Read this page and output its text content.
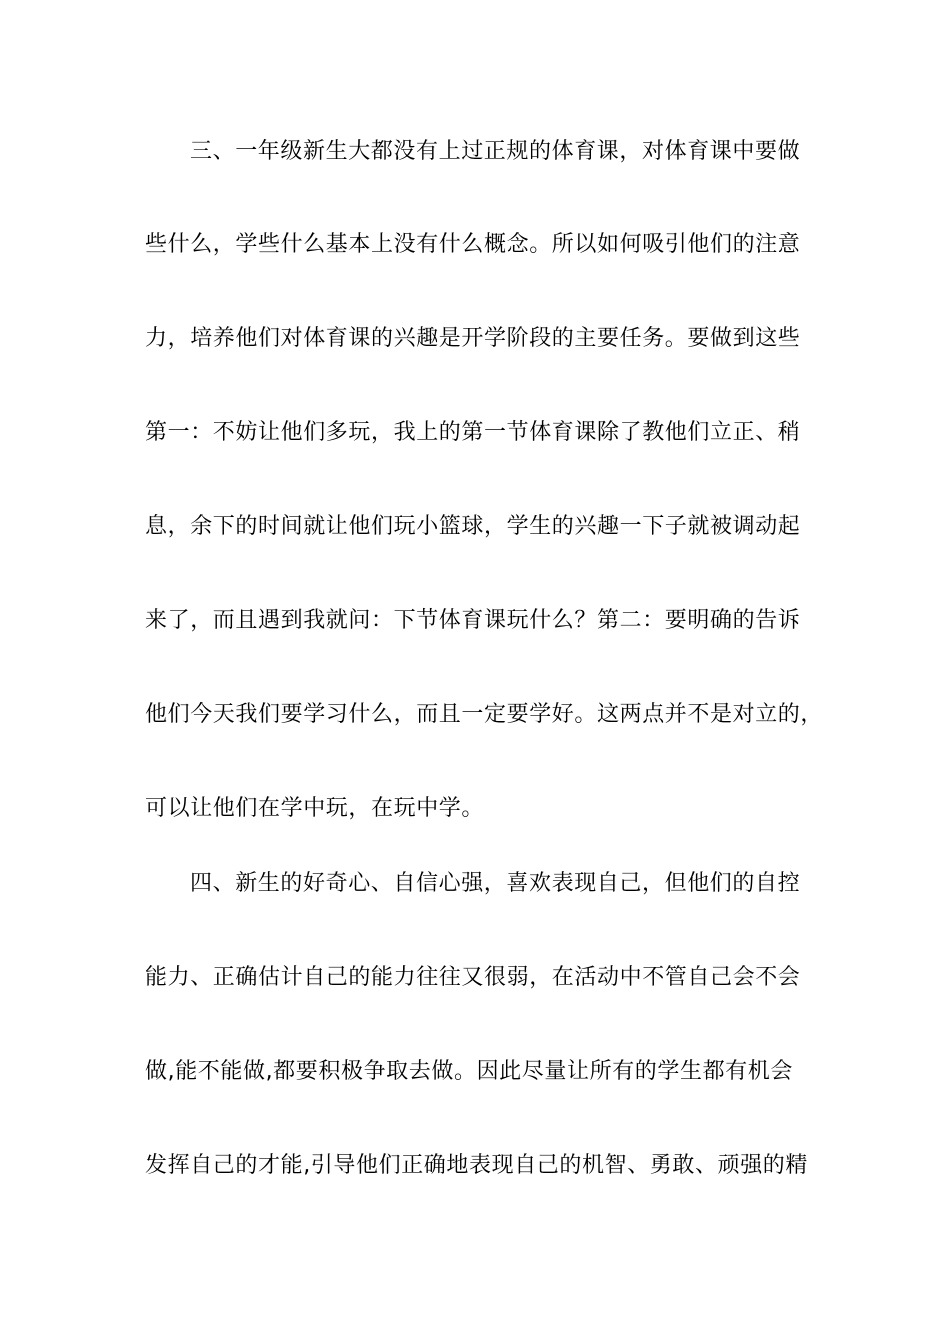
三、一年级新生大都没有上过正规的体育课，对体育课中要做
些什么，学些什么基本上没有什么概念。所以如何吸引他们的注意
力，培养他们对体育课的兴趣是开学阶段的主要任务。要做到这些
第一：不妨让他们多玩，我上的第一节体育课除了教他们立正、稍
息，余下的时间就让他们玩小篮球，学生的兴趣一下子就被调动起
来了，而且遇到我就问：下节体育课玩什么？第二：要明确的告诉
他们今天我们要学习什么，而且一定要学好。这两点并不是对立的，
可以让他们在学中玩，在玩中学。
四、新生的好奇心、自信心强，喜欢表现自己，但他们的自控
能力、正确估计自己的能力往往又很弱，在活动中不管自己会不会
做,能不能做,都要积极争取去做。因此尽量让所有的学生都有机会
发挥自己的才能,引导他们正确地表现自己的机智、勇敢、顽强的精
